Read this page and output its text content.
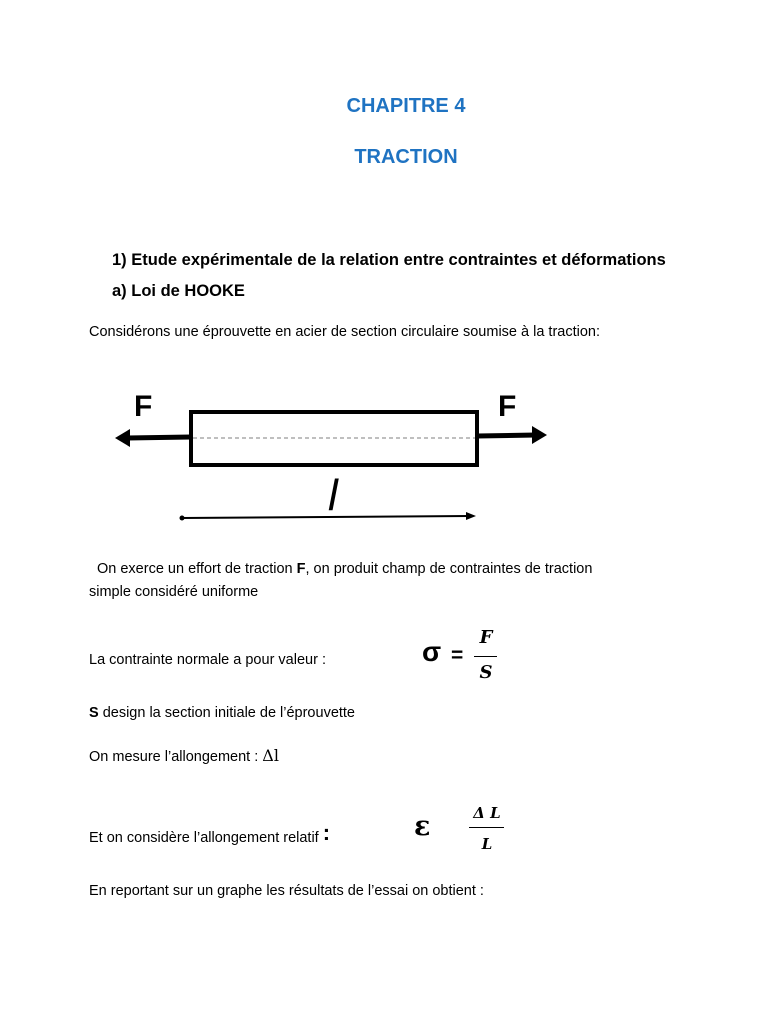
CHAPITRE 4
TRACTION
1) Etude expérimentale de la relation entre contraintes et déformations
a) Loi de HOOKE
Considérons une éprouvette en acier de section circulaire soumise à la traction:
F	F
l
On exerce un effort de traction F, on produit champ de contraintes de traction
simple considéré uniforme
La contrainte normale a pour valeur :	σ =
F
S
S design la section initiale de l’éprouvette
On mesure l’allongement : Δl
Et on considère l’allongement relatif :	ε	Δ L
L
En reportant sur un graphe les résultats de l’essai on obtient :
